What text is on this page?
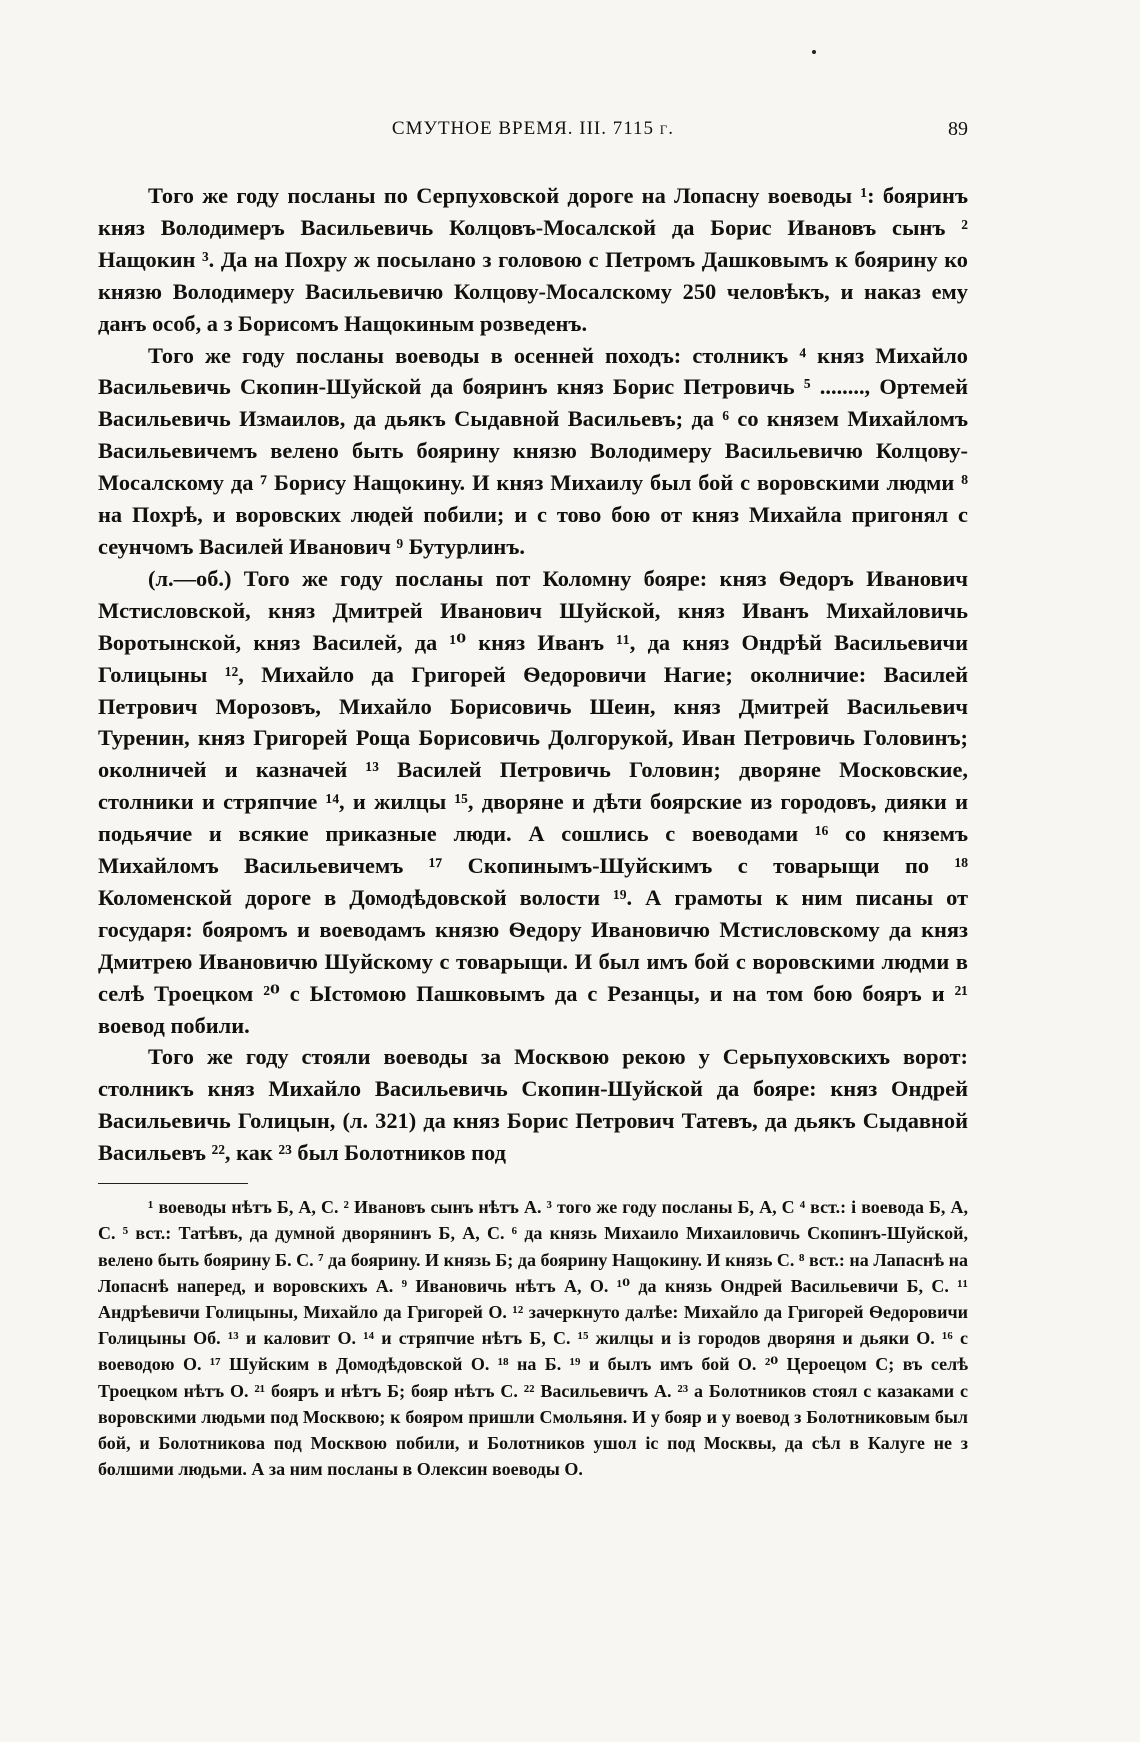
СМУТНОЕ ВРЕМЯ. III. 7115 г.	89

Того же году посланы по Серпуховской дороге на Лопасну воеводы ¹: бояринъ княз Володимеръ Васильевичь Колцовъ-Мосалской да Борис Ивановъ сынъ ² Нащокин ³. Да на Похру ж посылано з головою с Петромъ Дашковымъ к боярину ко князю Володимеру Васильевичю Колцову-Мосалскому 250 человѣкъ, и наказ ему данъ особ, а з Борисомъ Нащокиным розведенъ.

Того же году посланы воеводы в осенней походъ: столникъ ⁴ княз Михайло Васильевичь Скопин-Шуйской да бояринъ княз Борис Петровичь ⁵ ........, Ортемей Васильевичь Измаилов, да дьякъ Сыдавной Васильевъ; да ⁶ со князем Михайломъ Васильевичемъ велено быть боярину князю Володимеру Васильевичю Колцову-Мосалскому да ⁷ Борису Нащокину. И княз Михаилу был бой с воровскими людми ⁸ на Похрѣ, и воровских людей побили; и с тово бою от княз Михайла пригонял с сеунчомъ Василей Иванович ⁹ Бутурлинъ.

(л.—об.) Того же году посланы пот Коломну бояре: княз Ѳедоръ Иванович Мстисловской, княз Дмитрей Иванович Шуйской, княз Иванъ Михайловичь Воротынской, княз Василей, да ¹⁰ княз Иванъ ¹¹, да княз Ондрѣй Васильевичи Голицыны ¹², Михайло да Григорей Ѳедоровичи Нагие; околничие: Василей Петрович Морозовъ, Михайло Борисовичь Шеин, княз Дмитрей Васильевич Туренин, княз Григорей Роща Борисовичь Долгорукой, Иван Петровичь Головинъ; околничей и казначей ¹³ Василей Петровичь Головин; дворяне Московские, столники и стряпчие ¹⁴, и жилцы ¹⁵, дворяне и дѣти боярские из городовъ, дияки и подьячие и всякие приказные люди. А сошлись с воеводами ¹⁶ со княземъ Михайломъ Васильевичемъ ¹⁷ Скопинымъ-Шуйскимъ с товарыщи по ¹⁸ Коломенской дороге в Домодѣдовской волости ¹⁹. А грамоты к ним писаны от государя: бояромъ и воеводамъ князю Ѳедору Ивановичю Мстисловскому да княз Дмитрею Ивановичю Шуйскому с товарыщи. И был имъ бой с воровскими людми в селѣ Троецком ²⁰ с Ыстомою Пашковымъ да с Резанцы, и на том бою бояръ и ²¹ воевод побили.

Того же году стояли воеводы за Москвою рекою у Серьпуховскихъ ворот: столникъ княз Михайло Васильевичь Скопин-Шуйской да бояре: княз Ондрей Васильевичь Голицын, (л. 321) да княз Борис Петрович Татевъ, да дьякъ Сыдавной Васильевъ ²², как ²³ был Болотников под

¹ воеводы нѣтъ Б, А, С. ² Ивановъ сынъ нѣтъ А. ³ того же году посланы Б, А, С ⁴ вст.: і воевода Б, А, С. ⁵ вст.: Татѣвъ, да думной дворянинъ Б, А, С. ⁶ да князь Михаило Михаиловичь Скопинъ-Шуйской, велено быть боярину Б. С. ⁷ да боярину. И князь Б; да боярину Нащокину. И князь С. ⁸ вст.: на Лапаснѣ на Лопаснѣ наперед, и воровскихъ А. ⁹ Ивановичь нѣтъ А, О. ¹⁰ да князь Ондрей Васильевичи Б, С. ¹¹ Андрѣевичи Голицыны, Михайло да Григорей О. ¹² зачеркнуто далѣе: Михайло да Григорей Ѳедоровичи Голицыны Об. ¹³ и каловит О. ¹⁴ и стряпчие нѣтъ Б, С. ¹⁵ жилцы и із городов дворяня и дьяки О. ¹⁶ с воеводою О. ¹⁷ Шуйским в Домодѣдовской О. ¹⁸ на Б. ¹⁹ и былъ имъ бой О. ²⁰ Цероецом С; въ селѣ Троецком нѣтъ О. ²¹ бояръ и нѣтъ Б; бояр нѣтъ С. ²² Васильевичъ А. ²³ а Болотников стоял с казаками с воровскими людьми под Москвою; к бояром пришли Смольяня. И у бояр и у воевод з Болотниковым был бой, и Болотникова под Москвою побили, и Болотников ушол іс под Москвы, да сѣл в Калуге не з болшими людьми. А за ним посланы в Олексин воеводы О.
